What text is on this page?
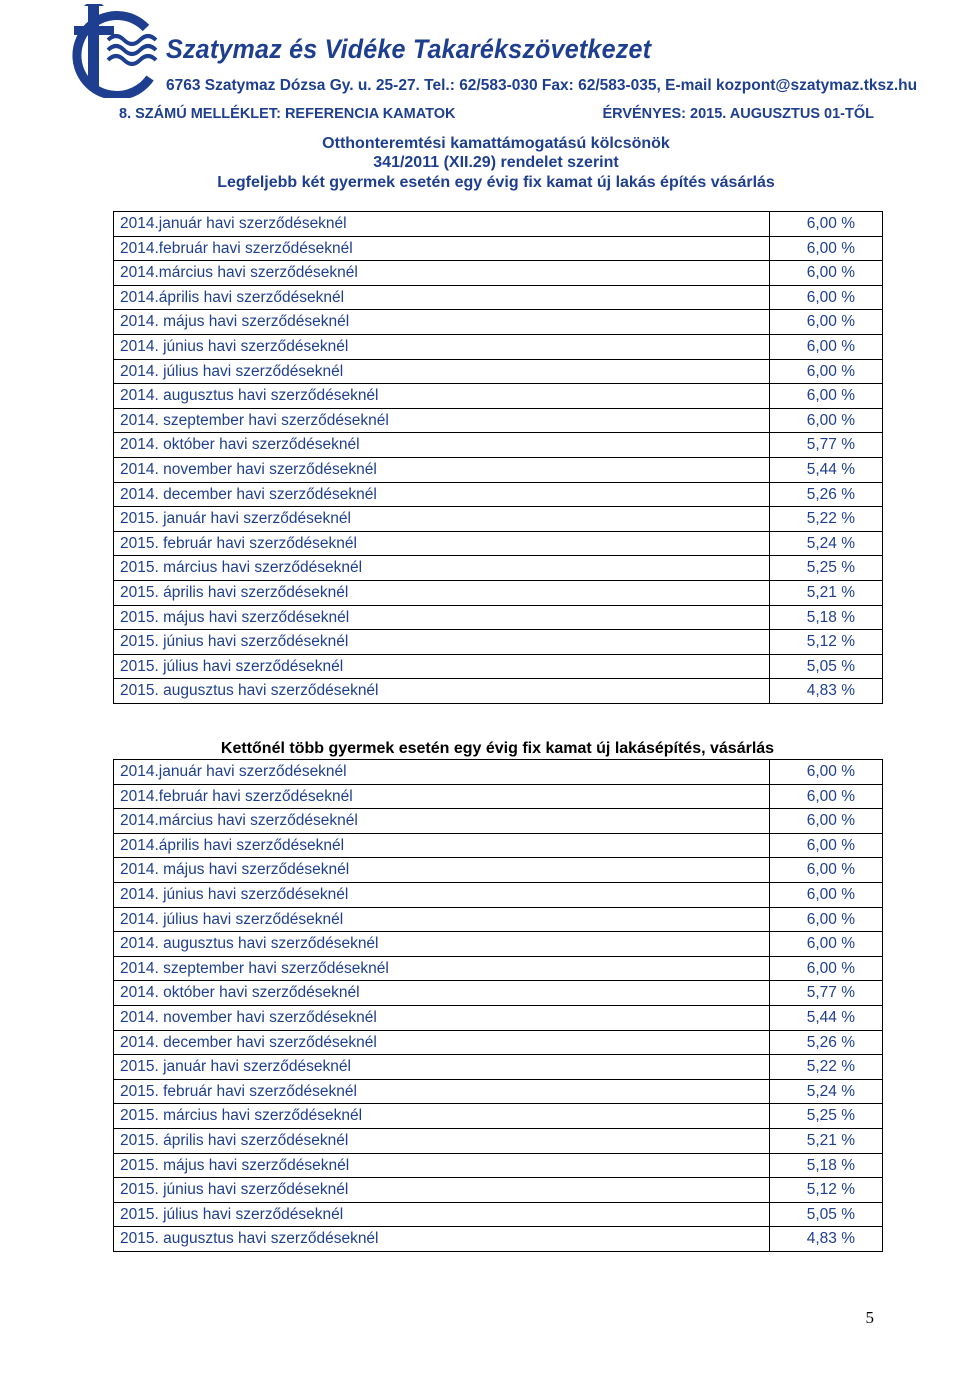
Szatymaz és Vidéke Takarékszövetkezet
6763 Szatymaz Dózsa Gy. u. 25-27. Tel.: 62/583-030 Fax: 62/583-035, E-mail kozpont@szatymaz.tksz.hu
8. SZÁMÚ MELLÉKLET: REFERENCIA KAMATOK	ÉRVÉNYES: 2015. AUGUSZTUS 01-TŐL
Otthonteremtési kamattámogatású kölcsönök
341/2011 (XII.29) rendelet szerint
Legfeljebb két gyermek esetén egy évig fix kamat új lakás építés vásárlás
2014.január havi szerződéseknél	6,00 %
2014.február havi szerződéseknél	6,00 %
2014.március havi szerződéseknél	6,00 %
2014.április havi szerződéseknél	6,00 %
2014. május havi szerződéseknél	6,00 %
2014. június havi szerződéseknél	6,00 %
2014. július havi szerződéseknél	6,00 %
2014. augusztus havi szerződéseknél	6,00 %
2014. szeptember havi szerződéseknél	6,00 %
2014. október havi szerződéseknél	5,77 %
2014. november havi szerződéseknél	5,44 %
2014. december havi szerződéseknél	5,26 %
2015. január havi szerződéseknél	5,22 %
2015. február havi szerződéseknél	5,24 %
2015. március havi szerződéseknél	5,25 %
2015. április havi szerződéseknél	5,21 %
2015. május havi szerződéseknél	5,18 %
2015. június havi szerződéseknél	5,12 %
2015. július havi szerződéseknél	5,05 %
2015. augusztus havi szerződéseknél	4,83 %
Kettőnél több gyermek esetén egy évig fix kamat új lakásépítés, vásárlás
2014.január havi szerződéseknél	6,00 %
2014.február havi szerződéseknél	6,00 %
2014.március havi szerződéseknél	6,00 %
2014.április havi szerződéseknél	6,00 %
2014. május havi szerződéseknél	6,00 %
2014. június havi szerződéseknél	6,00 %
2014. július havi szerződéseknél	6,00 %
2014. augusztus havi szerződéseknél	6,00 %
2014. szeptember havi szerződéseknél	6,00 %
2014. október havi szerződéseknél	5,77 %
2014. november havi szerződéseknél	5,44 %
2014. december havi szerződéseknél	5,26 %
2015. január havi szerződéseknél	5,22 %
2015. február havi szerződéseknél	5,24 %
2015. március havi szerződéseknél	5,25 %
2015. április havi szerződéseknél	5,21 %
2015. május havi szerződéseknél	5,18 %
2015. június havi szerződéseknél	5,12 %
2015. július havi szerződéseknél	5,05 %
2015. augusztus havi szerződéseknél	4,83 %
5
